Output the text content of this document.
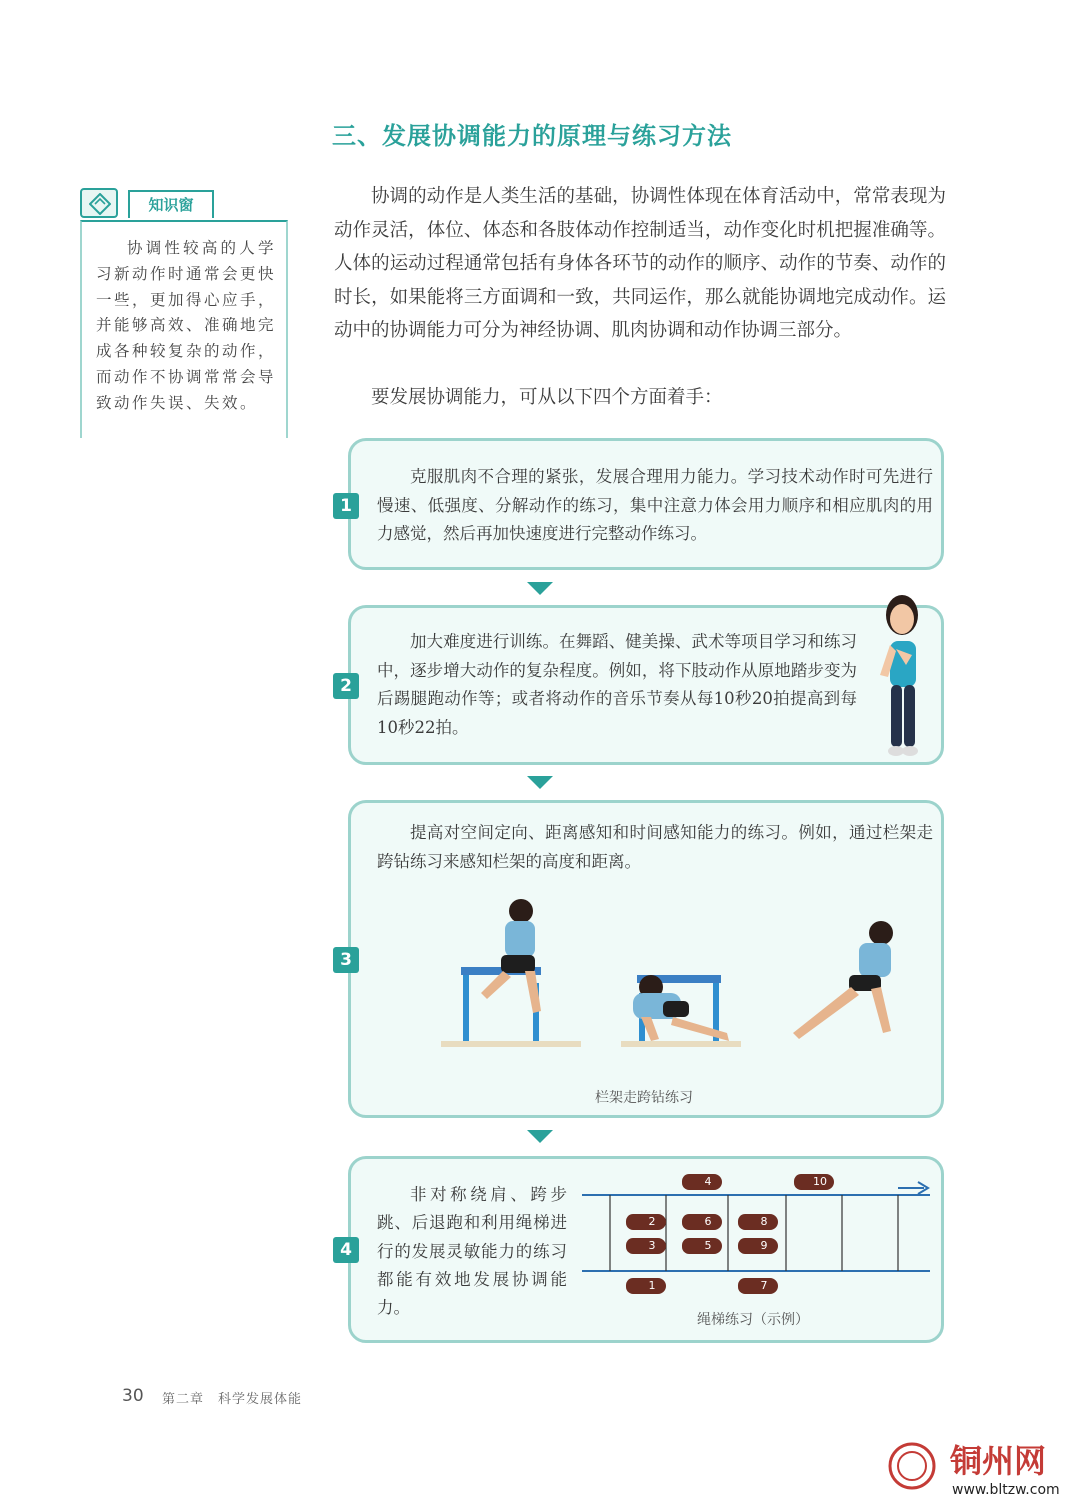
三、发展协调能力的原理与练习方法
知识窗
协调性较高的人学习新动作时通常会更快一些，更加得心应手，并能够高效、准确地完成各种较复杂的动作，而动作不协调常常会导致动作失误、失效。
协调的动作是人类生活的基础，协调性体现在体育活动中，常常表现为动作灵活，体位、体态和各肢体动作控制适当，动作变化时机把握准确等。人体的运动过程通常包括有身体各环节的动作的顺序、动作的节奏、动作的时长，如果能将三方面调和一致，共同运作，那么就能协调地完成动作。运动中的协调能力可分为神经协调、肌肉协调和动作协调三部分。
要发展协调能力，可从以下四个方面着手：
克服肌肉不合理的紧张，发展合理用力能力。学习技术动作时可先进行慢速、低强度、分解动作的练习，集中注意力体会用力顺序和相应肌肉的用力感觉，然后再加快速度进行完整动作练习。
1
加大难度进行训练。在舞蹈、健美操、武术等项目学习和练习中，逐步增大动作的复杂程度。例如，将下肢动作从原地踏步变为后踢腿跑动作等；或者将动作的音乐节奏从每10秒20拍提高到每10秒22拍。
2
提高对空间定向、距离感知和时间感知能力的练习。例如，通过栏架走跨钻练习来感知栏架的高度和距离。
栏架走跨钻练习
3
非对称绕肩、跨步跳、后退跑和利用绳梯进行的发展灵敏能力的练习都能有效地发展协调能力。
绳梯练习（示例）
4
1
2
3
4
5
6
7
8
9
10
30 第二章　科学发展体能
铜州网
www.bltzw.com
